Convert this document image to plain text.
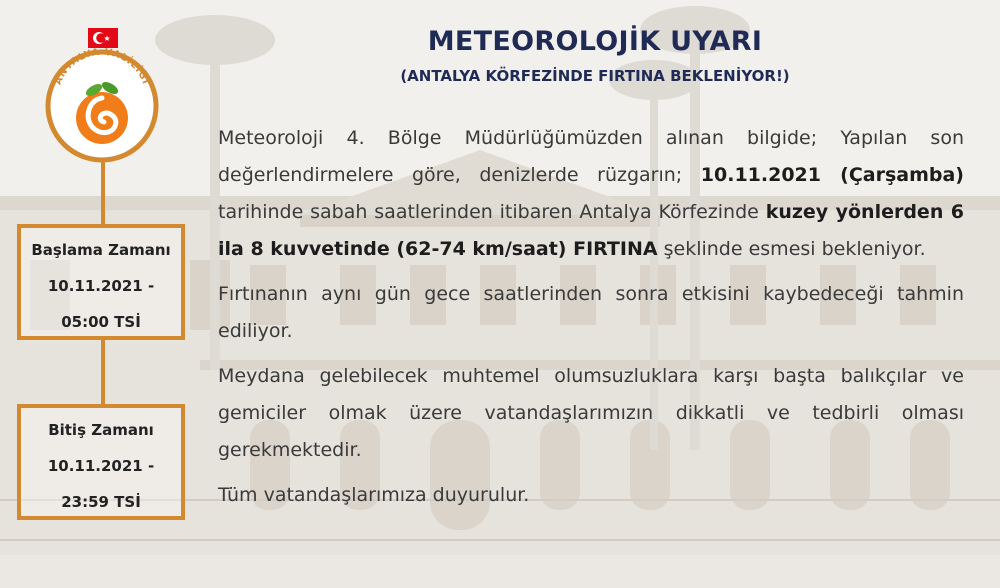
ANTALYA VALİLİĞİ
Başlama Zamanı
10.11.2021 -
05:00 TSİ
Bitiş Zamanı
10.11.2021 -
23:59 TSİ
METEOROLOJİK UYARI
(ANTALYA KÖRFEZİNDE FIRTINA BEKLENİYOR!)

Meteoroloji 4. Bölge Müdürlüğümüzden alınan bilgide; Yapılan son değerlendirmelere göre, denizlerde rüzgarın; 10.11.2021 (Çarşamba) tarihinde sabah saatlerinden itibaren Antalya Körfezinde kuzey yönlerden 6 ila 8 kuvvetinde (62-74 km/saat) FIRTINA şeklinde esmesi bekleniyor.

Fırtınanın aynı gün gece saatlerinden sonra etkisini kaybedeceği tahmin ediliyor.

Meydana gelebilecek muhtemel olumsuzluklara karşı başta balıkçılar ve gemiciler olmak üzere vatandaşlarımızın dikkatli ve tedbirli olması gerekmektedir.

Tüm vatandaşlarımıza duyurulur.
